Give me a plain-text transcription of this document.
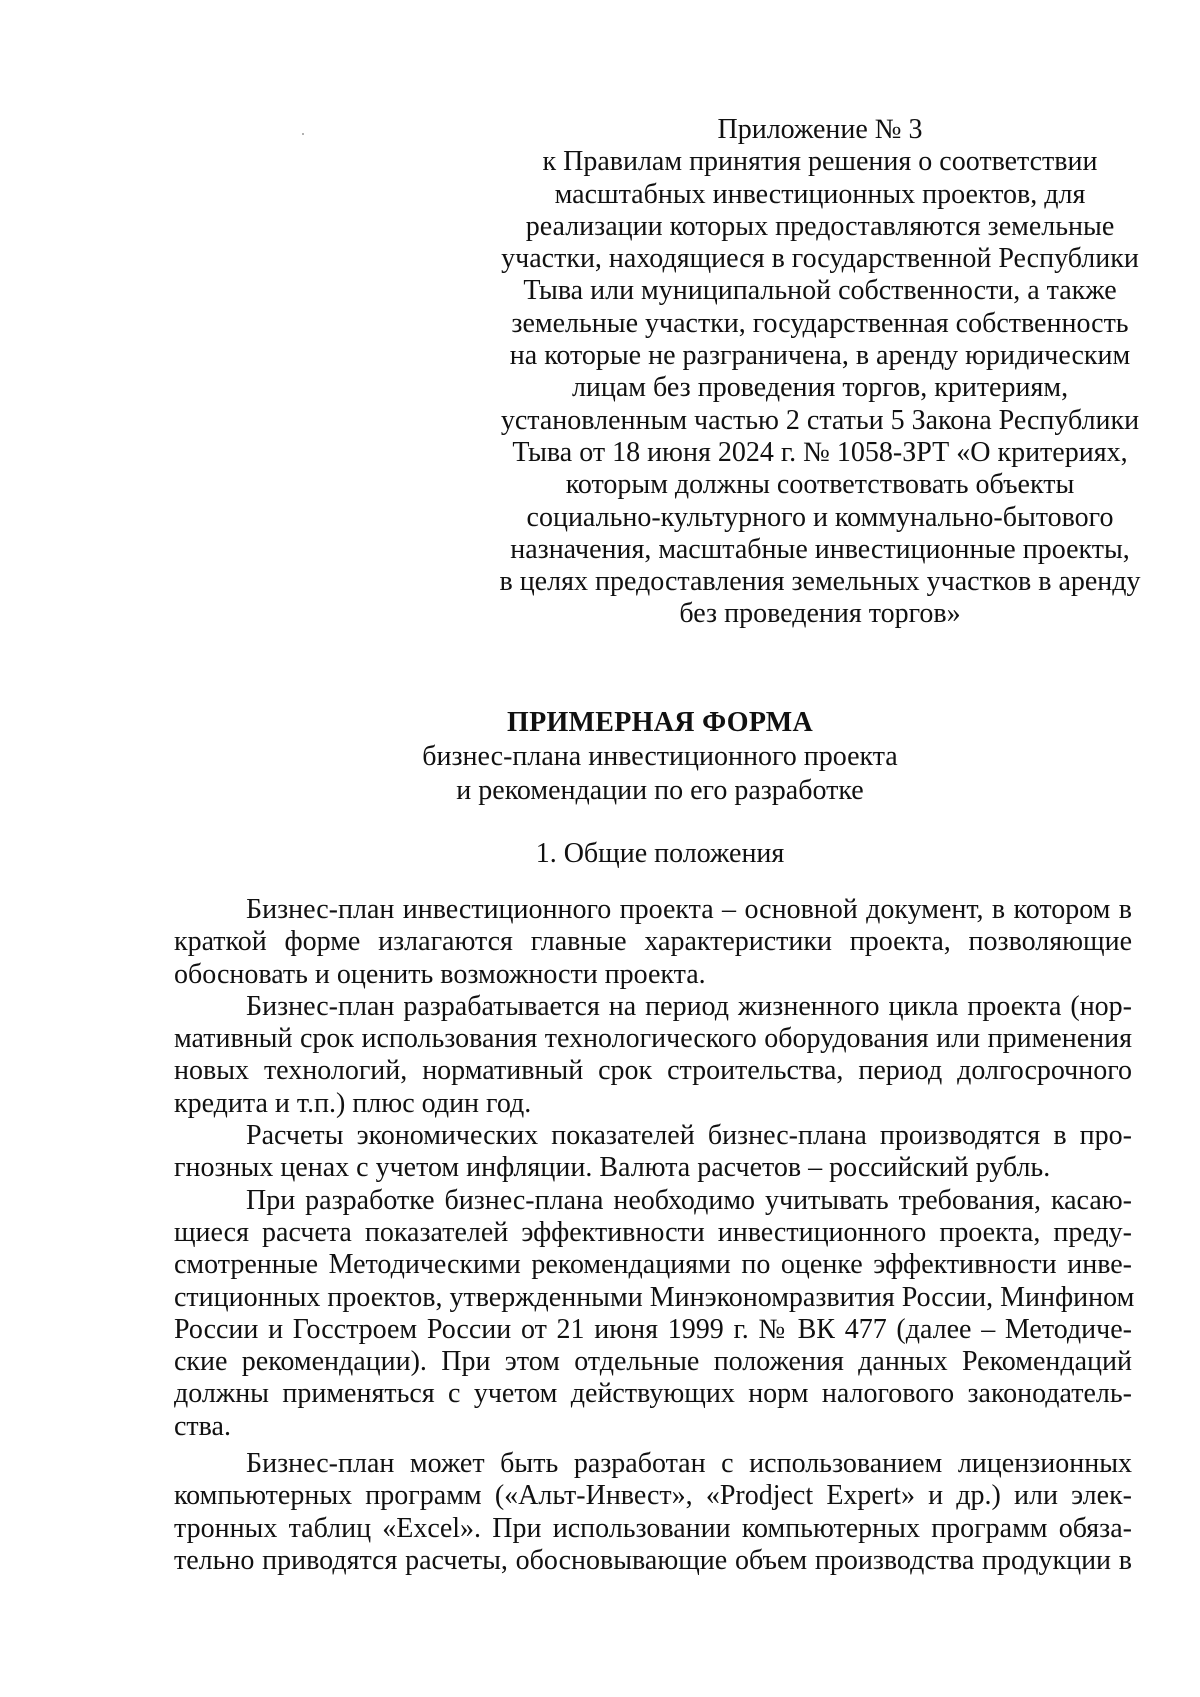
Приложение № 3
к Правилам принятия решения о соответствии
масштабных инвестиционных проектов, для
реализации которых предоставляются земельные
участки, находящиеся в государственной Республики
Тыва или муниципальной собственности, а также
земельные участки, государственная собственность
на которые не разграничена, в аренду юридическим
лицам без проведения торгов, критериям,
установленным частью 2 статьи 5 Закона Республики
Тыва от 18 июня 2024 г. № 1058-ЗРТ «О критериях,
которым должны соответствовать объекты
социально-культурного и коммунально-бытового
назначения, масштабные инвестиционные проекты,
в целях предоставления земельных участков в аренду
без проведения торгов»
ПРИМЕРНАЯ ФОРМА
бизнес-плана инвестиционного проекта
и рекомендации по его разработке
1. Общие положения
Бизнес-план инвестиционного проекта – основной документ, в котором в
краткой форме излагаются главные характеристики проекта, позволяющие
обосновать и оценить возможности проекта.
Бизнес-план разрабатывается на период жизненного цикла проекта (нор-
мативный срок использования технологического оборудования или применения
новых технологий, нормативный срок строительства, период долгосрочного
кредита и т.п.) плюс один год.
Расчеты экономических показателей бизнес-плана производятся в про-
гнозных ценах с учетом инфляции. Валюта расчетов – российский рубль.
При разработке бизнес-плана необходимо учитывать требования, касаю-
щиеся расчета показателей эффективности инвестиционного проекта, преду-
смотренные Методическими рекомендациями по оценке эффективности инве-
стиционных проектов, утвержденными Минэкономразвития России, Минфином
России и Госстроем России от 21 июня 1999 г. № ВК 477 (далее – Методиче-
ские рекомендации). При этом отдельные положения данных Рекомендаций
должны применяться с учетом действующих норм налогового законодатель-
ства.
Бизнес-план может быть разработан с использованием лицензионных
компьютерных программ («Альт-Инвест», «Prodject Expert» и др.) или элек-
тронных таблиц «Excel». При использовании компьютерных программ обяза-
тельно приводятся расчеты, обосновывающие объем производства продукции в
